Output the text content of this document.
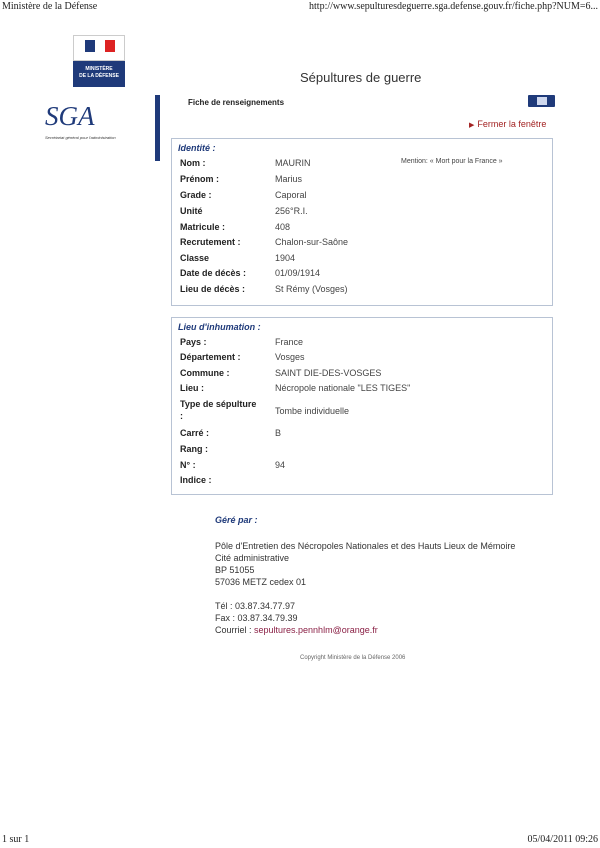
Ministère de la Défense	http://www.sepulturesdeguerre.sga.defense.gouv.fr/fiche.php?NUM=6...
MINISTÈRE
DE LA DÉFENSE	Sépultures de guerre
SGA
Secrétariat général pour l'administration
Fiche de renseignements
▶ Fermer la fenêtre
Identité :
Mention: « Mort pour la France »
Nom :	MAURIN
Prénom :	Marius
Grade :	Caporal
Unité	256°R.I.
Matricule :	408
Recrutement :	Chalon-sur-Saône
Classe	1904
Date de décès :	01/09/1914
Lieu de décès :	St Rémy (Vosges)
Lieu d'inhumation :
Pays :	France
Département :	Vosges
Commune :	SAINT DIE-DES-VOSGES
Lieu :	Nécropole nationale "LES TIGES"
Type de sépulture
:	Tombe individuelle
Carré :	B
Rang :
N° :	94
Indice :
Géré par :
Pôle d'Entretien des Nécropoles Nationales et des Hauts Lieux de Mémoire
Cité administrative
BP 51055
57036 METZ cedex 01
Tél : 03.87.34.77.97
Fax : 03.87.34.79.39
Courriel : sepultures.pennhlm@orange.fr
Copyright Ministère de la Défense 2006
1 sur 1	05/04/2011 09:26
